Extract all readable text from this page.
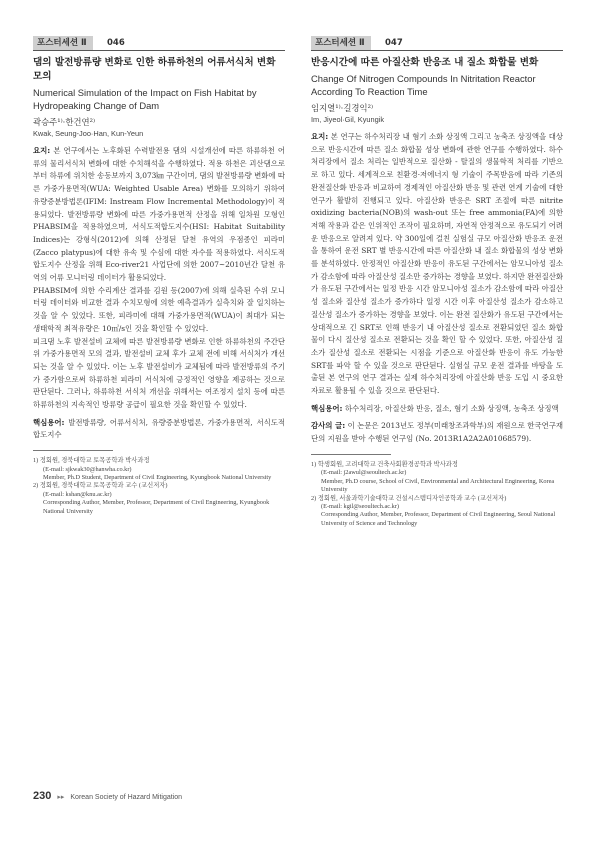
포스터세션 Ⅱ	046
댐의 발전방류량 변화로 인한 하류하천의 어류서식처 변화 모의
Numerical Simulation of the Impact on Fish Habitat by Hydropeaking Change of Dam
곽승주¹⁾·한건연²⁾
Kwak, Seung-Joo·Han, Kun-Yeun

요지: 본 연구에서는 노후화된 수력발전용 댐의 시설개선에 따른 하류하천 어류의 물리서식처 변화에 대한 수치해석을 수행하였다. 적용 하천은 괴산댐으로부터 하류에 위치한 송동보까지 3,073㎞ 구간이며, 댐의 발전방류량 변화에 따른 가중가용면적(WUA: Weighted Usable Area) 변화를 모의하기 위하여 유량증분방법론(IFIM: Instream Flow Incremental Methodology)이 적용되었다. 발전방류량 변화에 따른 가중가용면적 산정을 위해 일차원 모형인 PHABSIM을 적용하였으며, 서식도적합도지수(HSI: Habitat Suitability Indices)는 강형식(2012)에 의해 산정된 달천 유역의 우점종인 피라미(Zacco platypus)에 대한 유속 및 수심에 대한 자수를 적용하였다. 서식도적합도지수 산정을 위해 Eco-river21 사업단에 의한 2007~2010년간 달천 유역의 어류 모니터링 데이터가 활용되었다.

PHABSIM에 의한 수리계산 결과를 김원 등(2007)에 의해 실측된 수위 모니터링 데이터와 비교한 결과 수치모형에 의한 예측결과가 실측치와 잘 일치하는 것을 알 수 있었다. 또한, 피라미에 대해 가중가용면적(WUA)이 최대가 되는 생태학적 최적유량은 10㎥/s인 것을 확인할 수 있었다.

피크댐 노후 발전설비 교체에 따른 발전방류량 변화로 인한 하류하천의 주간단위 가중가용면적 모의 결과, 발전설비 교체 후가 교체 전에 비해 서식처가 개선되는 것을 알 수 있었다. 이는 노후 발전설비가 교체됨에 따라 발전방류의 주기가 증가함으로써 하류하천 피라미 서식처에 긍정적인 영향을 제공하는 것으로 판단된다. 그러나, 하류하천 서식처 개선을 위해서는 여조정지 설치 등에 따른 하류하천의 지속적인 방류량 공급이 필요한 것을 확인할 수 있었다.

핵심용어: 발전방류량, 어류서식처, 유량증분방법론, 가중가용면적, 서식도적합도지수

1) 정회원, 경북대학교 토목공학과 박사과정
(E-mail: sjkwak30@hanwha.co.kr)
Member, Ph.D Student, Department of Civil Engineering, Kyungbook National University

2) 정회원, 경북대학교 토목공학과 교수 (교신저자)
(E-mail: kshan@knu.ac.kr)
Corresponding Author, Member, Professor, Department of Civil Engineering, Kyungbook National University

포스터세션 Ⅱ	047
반응시간에 따른 아질산화 반응조 내 질소 화합물 변화
Change Of Nitrogen Compounds In Nitritation Reactor According To Reaction Time
임지열¹⁾·길경익²⁾
Im, Jiyeol·Gil, Kyungik

요지: 본 연구는 하수처리장 내 혐기 소화 상징액 그리고 농축조 상징액을 대상으로 반응시간에 따른 질소 화합물 성상 변화에 관한 연구를 수행하였다. 하수처리장에서 질소 처리는 일반적으로 질산화 - 탈질의 생물학적 처리를 기반으로 하고 있다. 세계적으로 친환경·저에너지 형 기술이 주목받음에 따라 기존의 완전질산화 반응과 비교하여 경제적인 아질산화 반응 및 관련 연계 기술에 대한 연구가 활발히 진행되고 있다. 아질산화 반응은 SRT 조절에 따른 nitrite oxidizing bacteria(NOB)의 wash-out 또는 free ammonia(FA)에 의한 저해 작용과 같은 인위적인 조작이 필요하며, 자연적 안정적으로 유도되기 어려운 반응으로 알려져 있다. 약 300일에 걸친 실험실 규모 아질산화 반응조 운전을 통하여 운전 SRT 별 반응시간에 따른 아질산화 내 질소 화합물의 성상 변화를 분석하였다. 안정적인 아질산화 반응이 유도된 구간에서는 암모니아성 질소가 감소함에 따라 아질산성 질소만 증가하는 경향을 보였다. 하지만 완전질산화가 유도된 구간에서는 일정 반응 시간 암모니아성 질소가 감소함에 따라 아질산성 질소와 질산성 질소가 증가하다 일정 시간 이후 아질산성 질소가 감소하고 질산성 질소가 증가하는 경향을 보였다. 이는 완전 질산화가 유도된 구간에서는 상대적으로 긴 SRT로 인해 반응기 내 아질산성 질소로 전환되었던 질소 화합물이 다시 질산성 질소로 전환되는 것을 확인 할 수 있었다. 또한, 아질산성 질소가 질산성 질소로 전환되는 시점을 기준으로 아질산화 반응이 유도 가능한 SRT를 파악 할 수 있을 것으로 판단된다. 실험실 규모 운전 결과를 바탕을 도출된 본 연구의 연구 결과는 실제 하수처리장에 아질산화 반응 도입 시 중요한 자료로 활용될 수 있을 것으로 판단된다.

핵심용어: 하수처리장, 아질산화 반응, 질소, 혐기 소화 상징액, 농축조 상징액

감사의 글: 이 논문은 2013년도 정부(미래창조과학부)의 재원으로 한국연구재단의 지원을 받아 수행된 연구임 (No. 2013R1A2A2A01068579).

1) 학생회원, 고려대학교 건축사회환경공학과 박사과정
(E-mail: j2awul@seoultech.ac.kr)
Member, Ph.D course, School of Civil, Environmental and Architectural Engineering, Korea University

2) 정회원, 서울과학기술대학교 건설시스템디자인공학과 교수 (교신저자)
(E-mail: kgil@seoultech.ac.kr)
Corresponding Author, Member, Professor, Department of Civil Engineering, Seoul National University of Science and Technology

230 ▸▸ Korean Society of Hazard Mitigation
